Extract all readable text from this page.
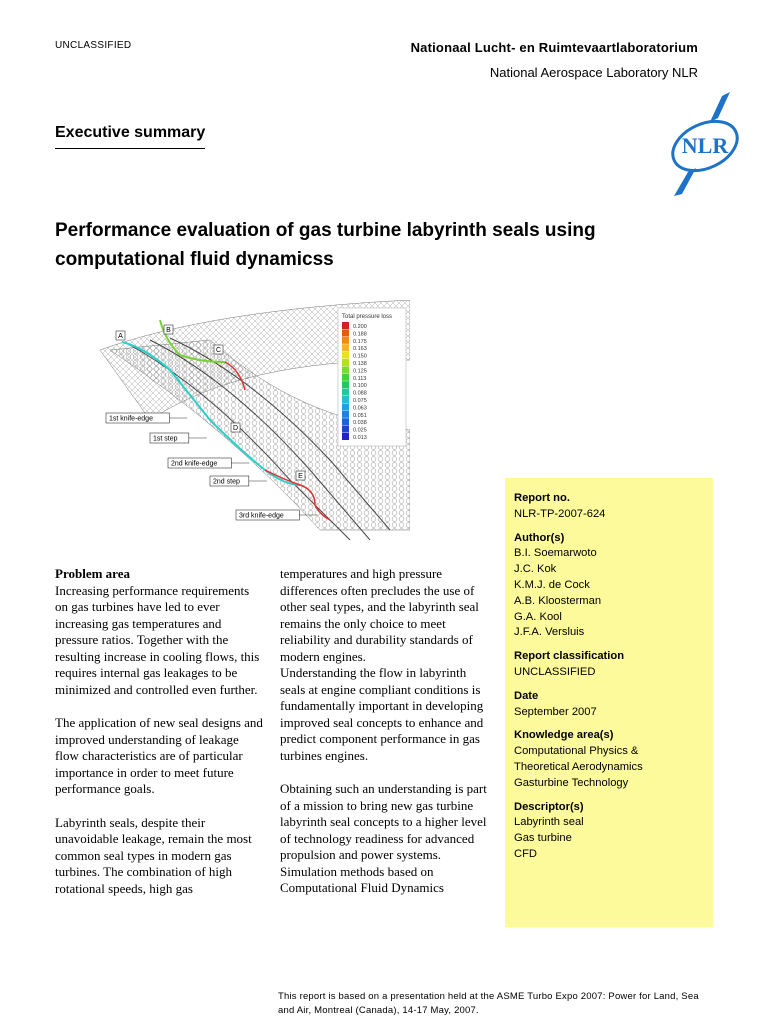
UNCLASSIFIED	Nationaal Lucht- en Ruimtevaartlaboratorium
National Aerospace Laboratory NLR
NLR
Executive summary
Performance evaluation of gas turbine labyrinth seals using
computational fluid dynamicss
A
B
C
D
E
1st knife-edge
1st step
2nd knife-edge
2nd step
3rd knife-edge
Total pressure loss
0.200
0.188
0.175
0.163
0.150
0.138
0.125
0.113
0.100
0.088
0.075
0.063
0.051
0.038
0.025
0.013

Problem area

Increasing performance requirements on gas turbines have led to ever increasing gas temperatures and pressure ratios. Together with the resulting increase in cooling flows, this requires internal gas leakages to be minimized and controlled even further.

The application of new seal designs and improved understanding of leakage flow characteristics are of particular importance in order to meet future performance goals.

Labyrinth seals, despite their unavoidable leakage, remain the most common seal types in modern gas turbines. The combination of high rotational speeds, high gas

temperatures and high pressure differences often precludes the use of other seal types, and the labyrinth seal remains the only choice to meet reliability and durability standards of modern engines.

Understanding the flow in labyrinth seals at engine compliant conditions is fundamentally important in developing improved seal concepts to enhance and predict component performance in gas turbines engines.

Obtaining such an understanding is part of a mission to bring new gas turbine labyrinth seal concepts to a higher level of technology readiness for advanced propulsion and power systems.

Simulation methods based on Computational Fluid Dynamics

Report no.
NLR-TP-2007-624
Author(s)
B.I. Soemarwoto
J.C. Kok
K.M.J. de Cock
A.B. Kloosterman
G.A. Kool
J.F.A. Versluis
Report classification
UNCLASSIFIED
Date
September 2007
Knowledge area(s)
Computational Physics &
Theoretical Aerodynamics
Gasturbine Technology
Descriptor(s)
Labyrinth seal
Gas turbine
CFD
This report is based on a presentation held at the ASME Turbo Expo 2007: Power for Land, Sea and Air, Montreal (Canada), 14-17 May, 2007.
